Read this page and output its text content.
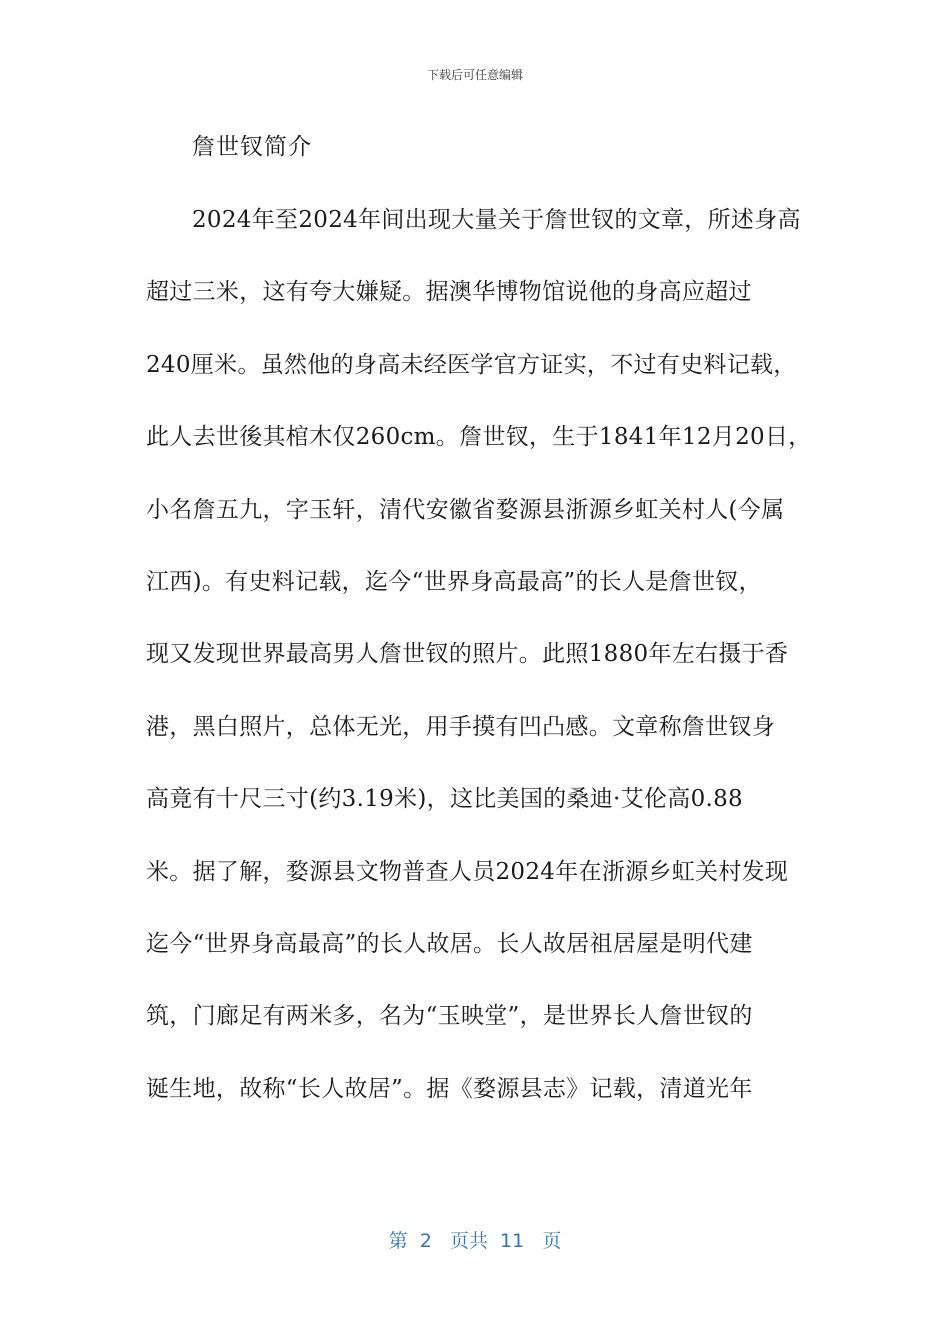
下载后可任意编辑
詹世钗简介
2024年至2024年间出现大量关于詹世钗的文章，所述身高
超过三米，这有夸大嫌疑。据澳华博物馆说他的身高应超过
240厘米。虽然他的身高未经医学官方证实，不过有史料记载，
此人去世後其棺木仅260cm。詹世钗，生于1841年12月20日，
小名詹五九，字玉轩，清代安徽省婺源县浙源乡虹关村人(今属
江西)。有史料记载，迄今“世界身高最高”的长人是詹世钗，
现又发现世界最高男人詹世钗的照片。此照1880年左右摄于香
港，黑白照片，总体无光，用手摸有凹凸感。文章称詹世钗身
高竟有十尺三寸(约3.19米)，这比美国的桑迪·艾伦高0.88
米。据了解，婺源县文物普查人员2024年在浙源乡虹关村发现
迄今“世界身高最高”的长人故居。长人故居祖居屋是明代建
筑，门廊足有两米多，名为“玉映堂”，是世界长人詹世钗的
诞生地，故称“长人故居”。据《婺源县志》记载，清道光年
第  2   页共  11   页
